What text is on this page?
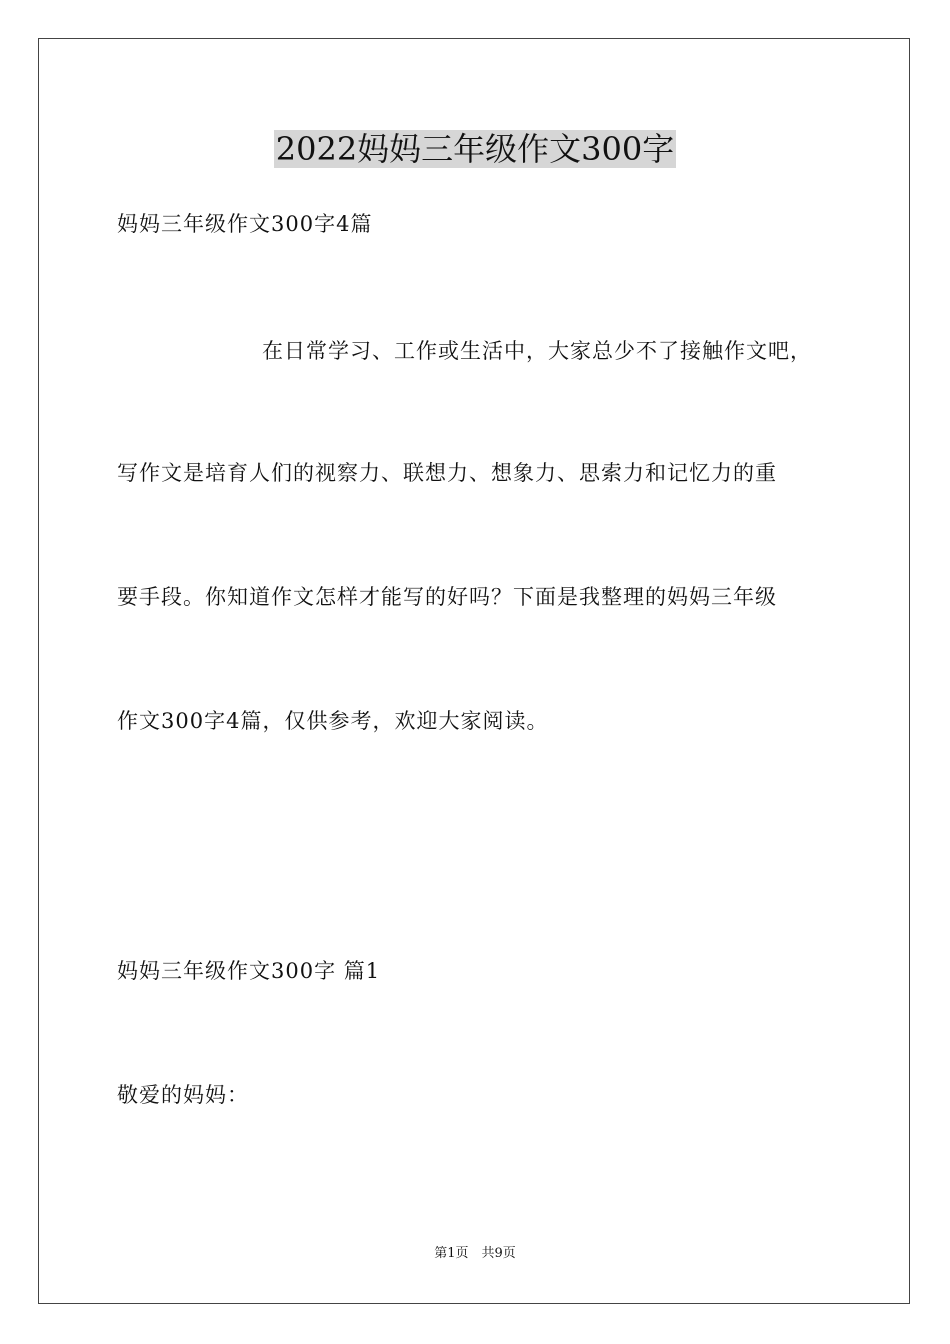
2022妈妈三年级作文300字
妈妈三年级作文300字4篇
在日常学习、工作或生活中，大家总少不了接触作文吧，
写作文是培育人们的视察力、联想力、想象力、思索力和记忆力的重
要手段。你知道作文怎样才能写的好吗？下面是我整理的妈妈三年级
作文300字4篇，仅供参考，欢迎大家阅读。
妈妈三年级作文300字 篇1
敬爱的妈妈：
第1页　共9页
